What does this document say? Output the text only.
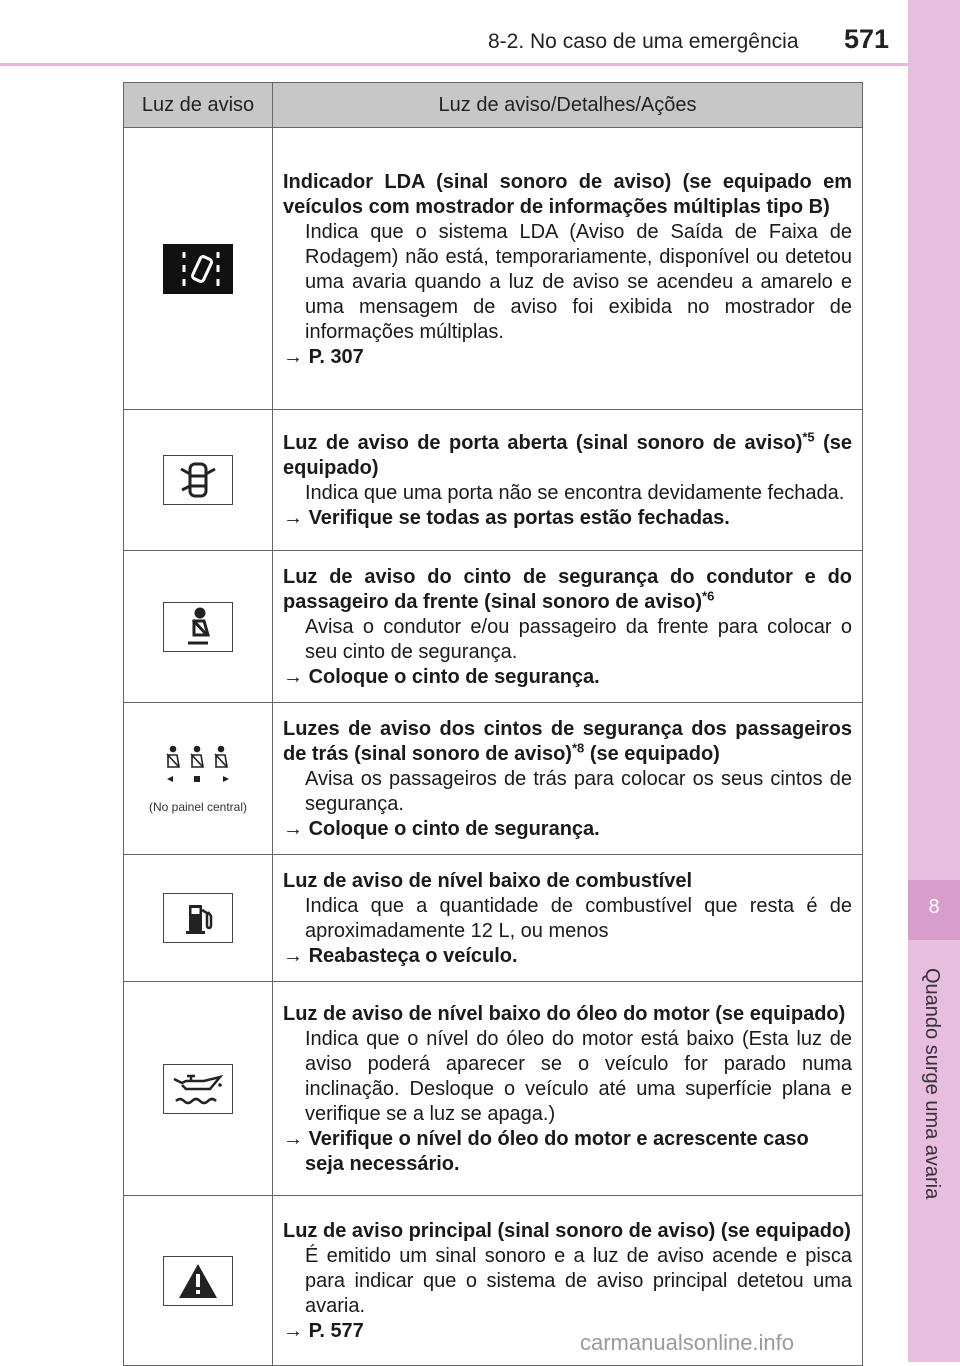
8-2. No caso de uma emergência 571
8
Quando surge uma avaria
Luz de aviso	Luz de aviso/Detalhes/Ações

Indicador LDA (sinal sonoro de aviso) (se equipado em veículos com mostrador de informações múltiplas tipo B)
Indica que o sistema LDA (Aviso de Saída de Faixa de Rodagem) não está, temporariamente, disponível ou detetou uma avaria quando a luz de aviso se acendeu a amarelo e uma mensagem de aviso foi exibida no mostrador de informações múltiplas.
→ P. 307

Luz de aviso de porta aberta (sinal sonoro de aviso)$^{*5}$ (se equipado)
Indica que uma porta não se encontra devidamente fechada.
→ Verifique se todas as portas estão fechadas.

Luz de aviso do cinto de segurança do condutor e do passageiro da frente (sinal sonoro de aviso)$^{*6}$
Avisa o condutor e/ou passageiro da frente para colocar o seu cinto de segurança.
→ Coloque o cinto de segurança.

(No painel central)	Luzes de aviso dos cintos de segurança dos passageiros de trás (sinal sonoro de aviso)$^{*8}$ (se equipado)
Avisa os passageiros de trás para colocar os seus cintos de segurança.
→ Coloque o cinto de segurança.

Luz de aviso de nível baixo de combustível
Indica que a quantidade de combustível que resta é de aproximadamente 12 L, ou menos
→ Reabasteça o veículo.

Luz de aviso de nível baixo do óleo do motor (se equipado)
Indica que o nível do óleo do motor está baixo (Esta luz de aviso poderá aparecer se o veículo for parado numa inclinação. Desloque o veículo até uma superfície plana e verifique se a luz se apaga.)
→ Verifique o nível do óleo do motor e acrescente caso seja necessário.

Luz de aviso principal (sinal sonoro de aviso) (se equipado)
É emitido um sinal sonoro e a luz de aviso acende e pisca para indicar que o sistema de aviso principal detetou uma avaria.
→ P. 577	carmanualsonline.info
